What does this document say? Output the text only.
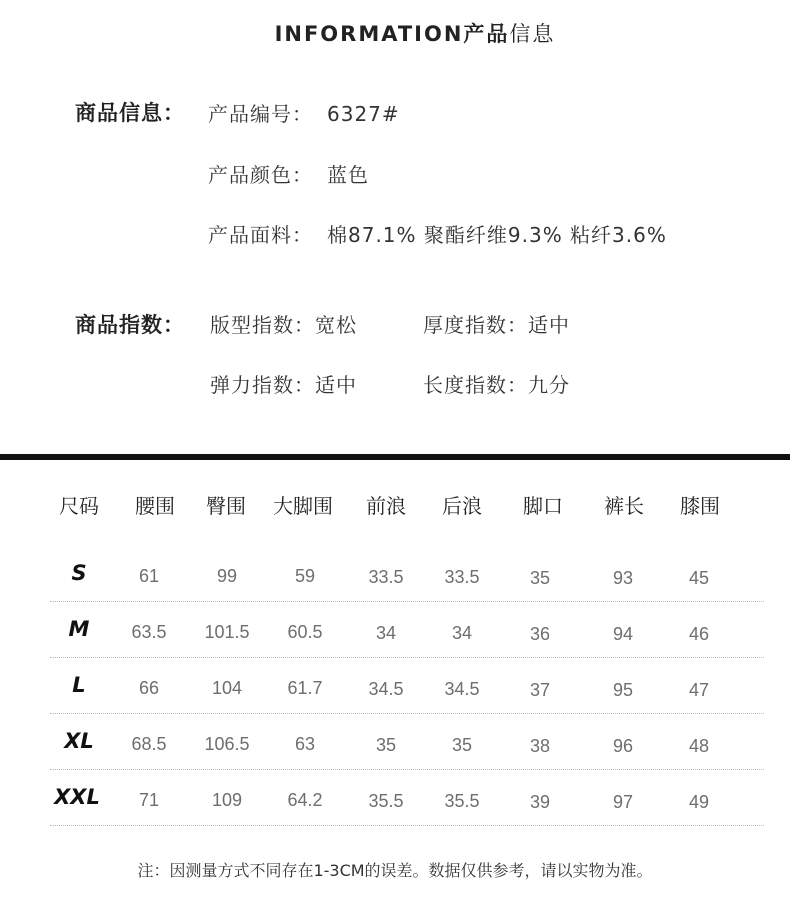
INFORMATION产品信息
商品信息： 产品编号： 6327#
产品颜色： 蓝色
产品面料： 棉87.1% 聚酯纤维9.3% 粘纤3.6%
商品指数： 版型指数：宽松	厚度指数：适中
弹力指数：适中	长度指数：九分
尺码 腰围 臀围 大脚围 前浪 后浪 脚口 裤长 膝围
S	61	99	59	33.5 33.5	35	93	45
M 63.5 101.5 60.5	34	34	36	94	46
L	66	104	61.7	34.5 34.5	37	95	47
XL 68.5 106.5	63	35	35	38	96	48
XXL 71	109	64.2	35.5 35.5	39	97	49
注：因测量方式不同存在1-3CM的误差。数据仅供参考，请以实物为准。
